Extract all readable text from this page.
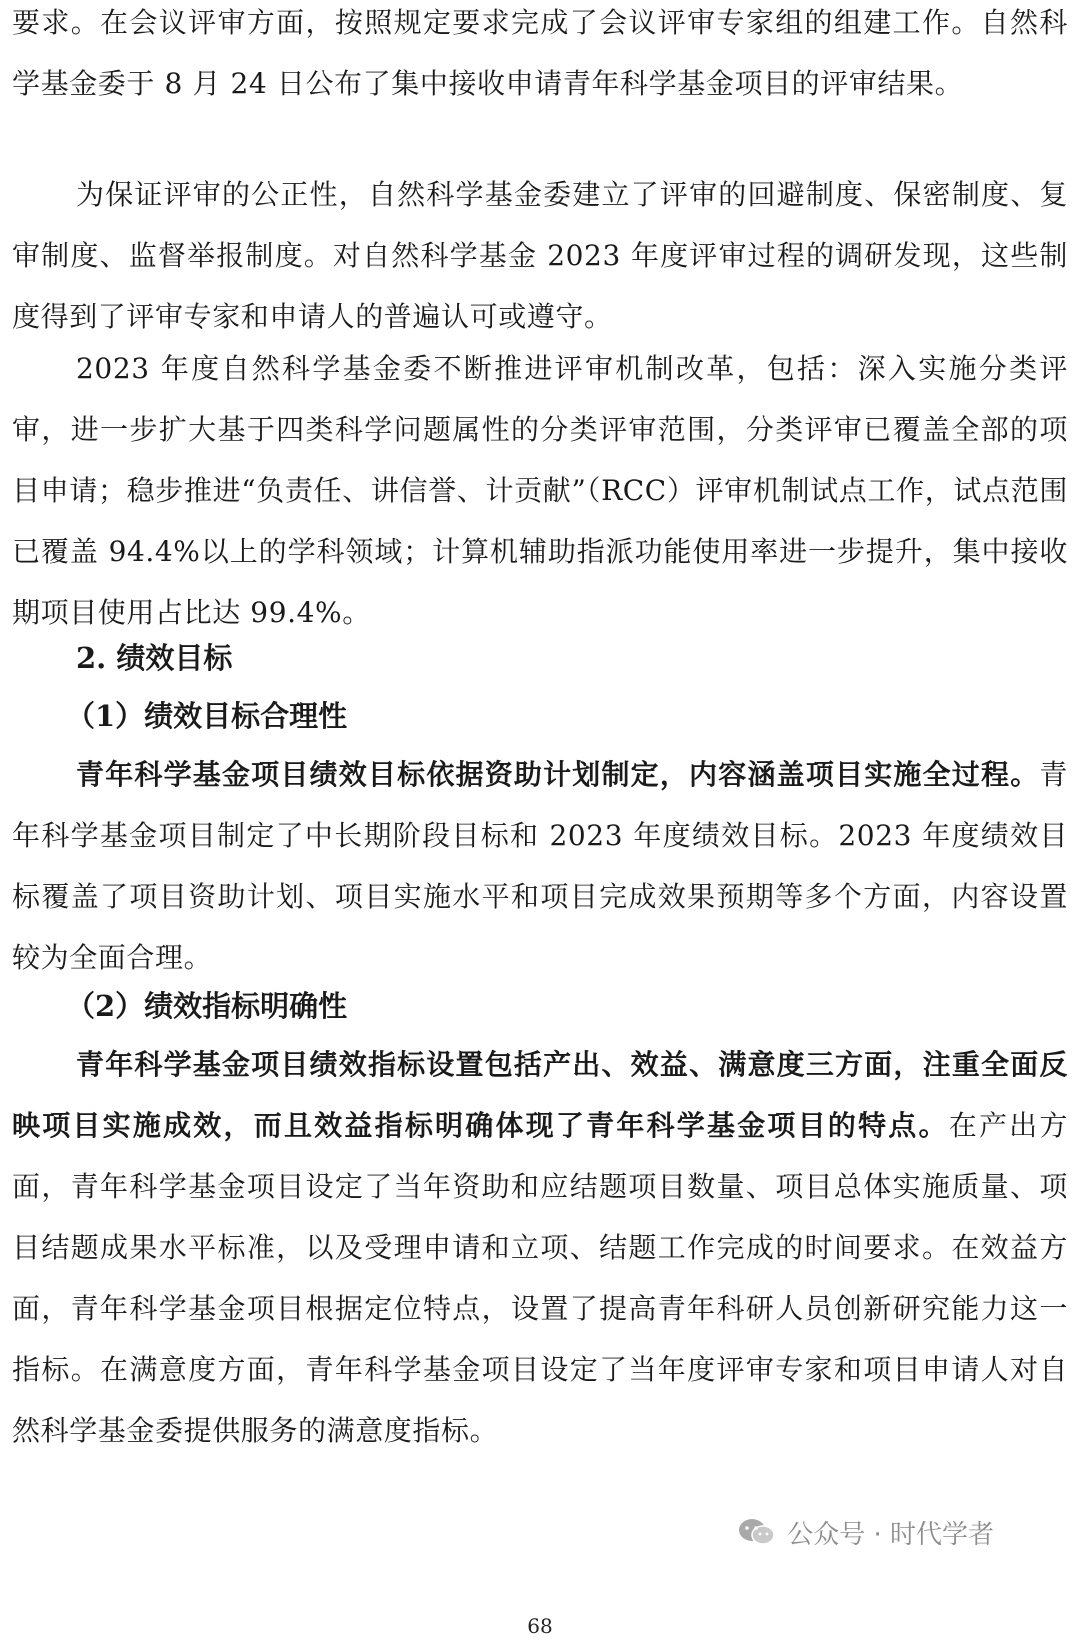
要求。在会议评审方面，按照规定要求完成了会议评审专家组的组建工作。自然科学基金委于 8 月 24 日公布了集中接收申请青年科学基金项目的评审结果。

为保证评审的公正性，自然科学基金委建立了评审的回避制度、保密制度、复审制度、监督举报制度。对自然科学基金 2023 年度评审过程的调研发现，这些制度得到了评审专家和申请人的普遍认可或遵守。

2023 年度自然科学基金委不断推进评审机制改革，包括：深入实施分类评审，进一步扩大基于四类科学问题属性的分类评审范围，分类评审已覆盖全部的项目申请；稳步推进“负责任、讲信誉、计贡献”（RCC）评审机制试点工作，试点范围已覆盖 94.4%以上的学科领域；计算机辅助指派功能使用率进一步提升，集中接收期项目使用占比达 99.4%。

2. 绩效目标

（1）绩效目标合理性

青年科学基金项目绩效目标依据资助计划制定，内容涵盖项目实施全过程。青年科学基金项目制定了中长期阶段目标和 2023 年度绩效目标。2023 年度绩效目标覆盖了项目资助计划、项目实施水平和项目完成效果预期等多个方面，内容设置较为全面合理。

（2）绩效指标明确性

青年科学基金项目绩效指标设置包括产出、效益、满意度三方面，注重全面反映项目实施成效，而且效益指标明确体现了青年科学基金项目的特点。在产出方面，青年科学基金项目设定了当年资助和应结题项目数量、项目总体实施质量、项目结题成果水平标准，以及受理申请和立项、结题工作完成的时间要求。在效益方面，青年科学基金项目根据定位特点，设置了提高青年科研人员创新研究能力这一指标。在满意度方面，青年科学基金项目设定了当年度评审专家和项目申请人对自然科学基金委提供服务的满意度指标。

公众号 · 时代学者
68
